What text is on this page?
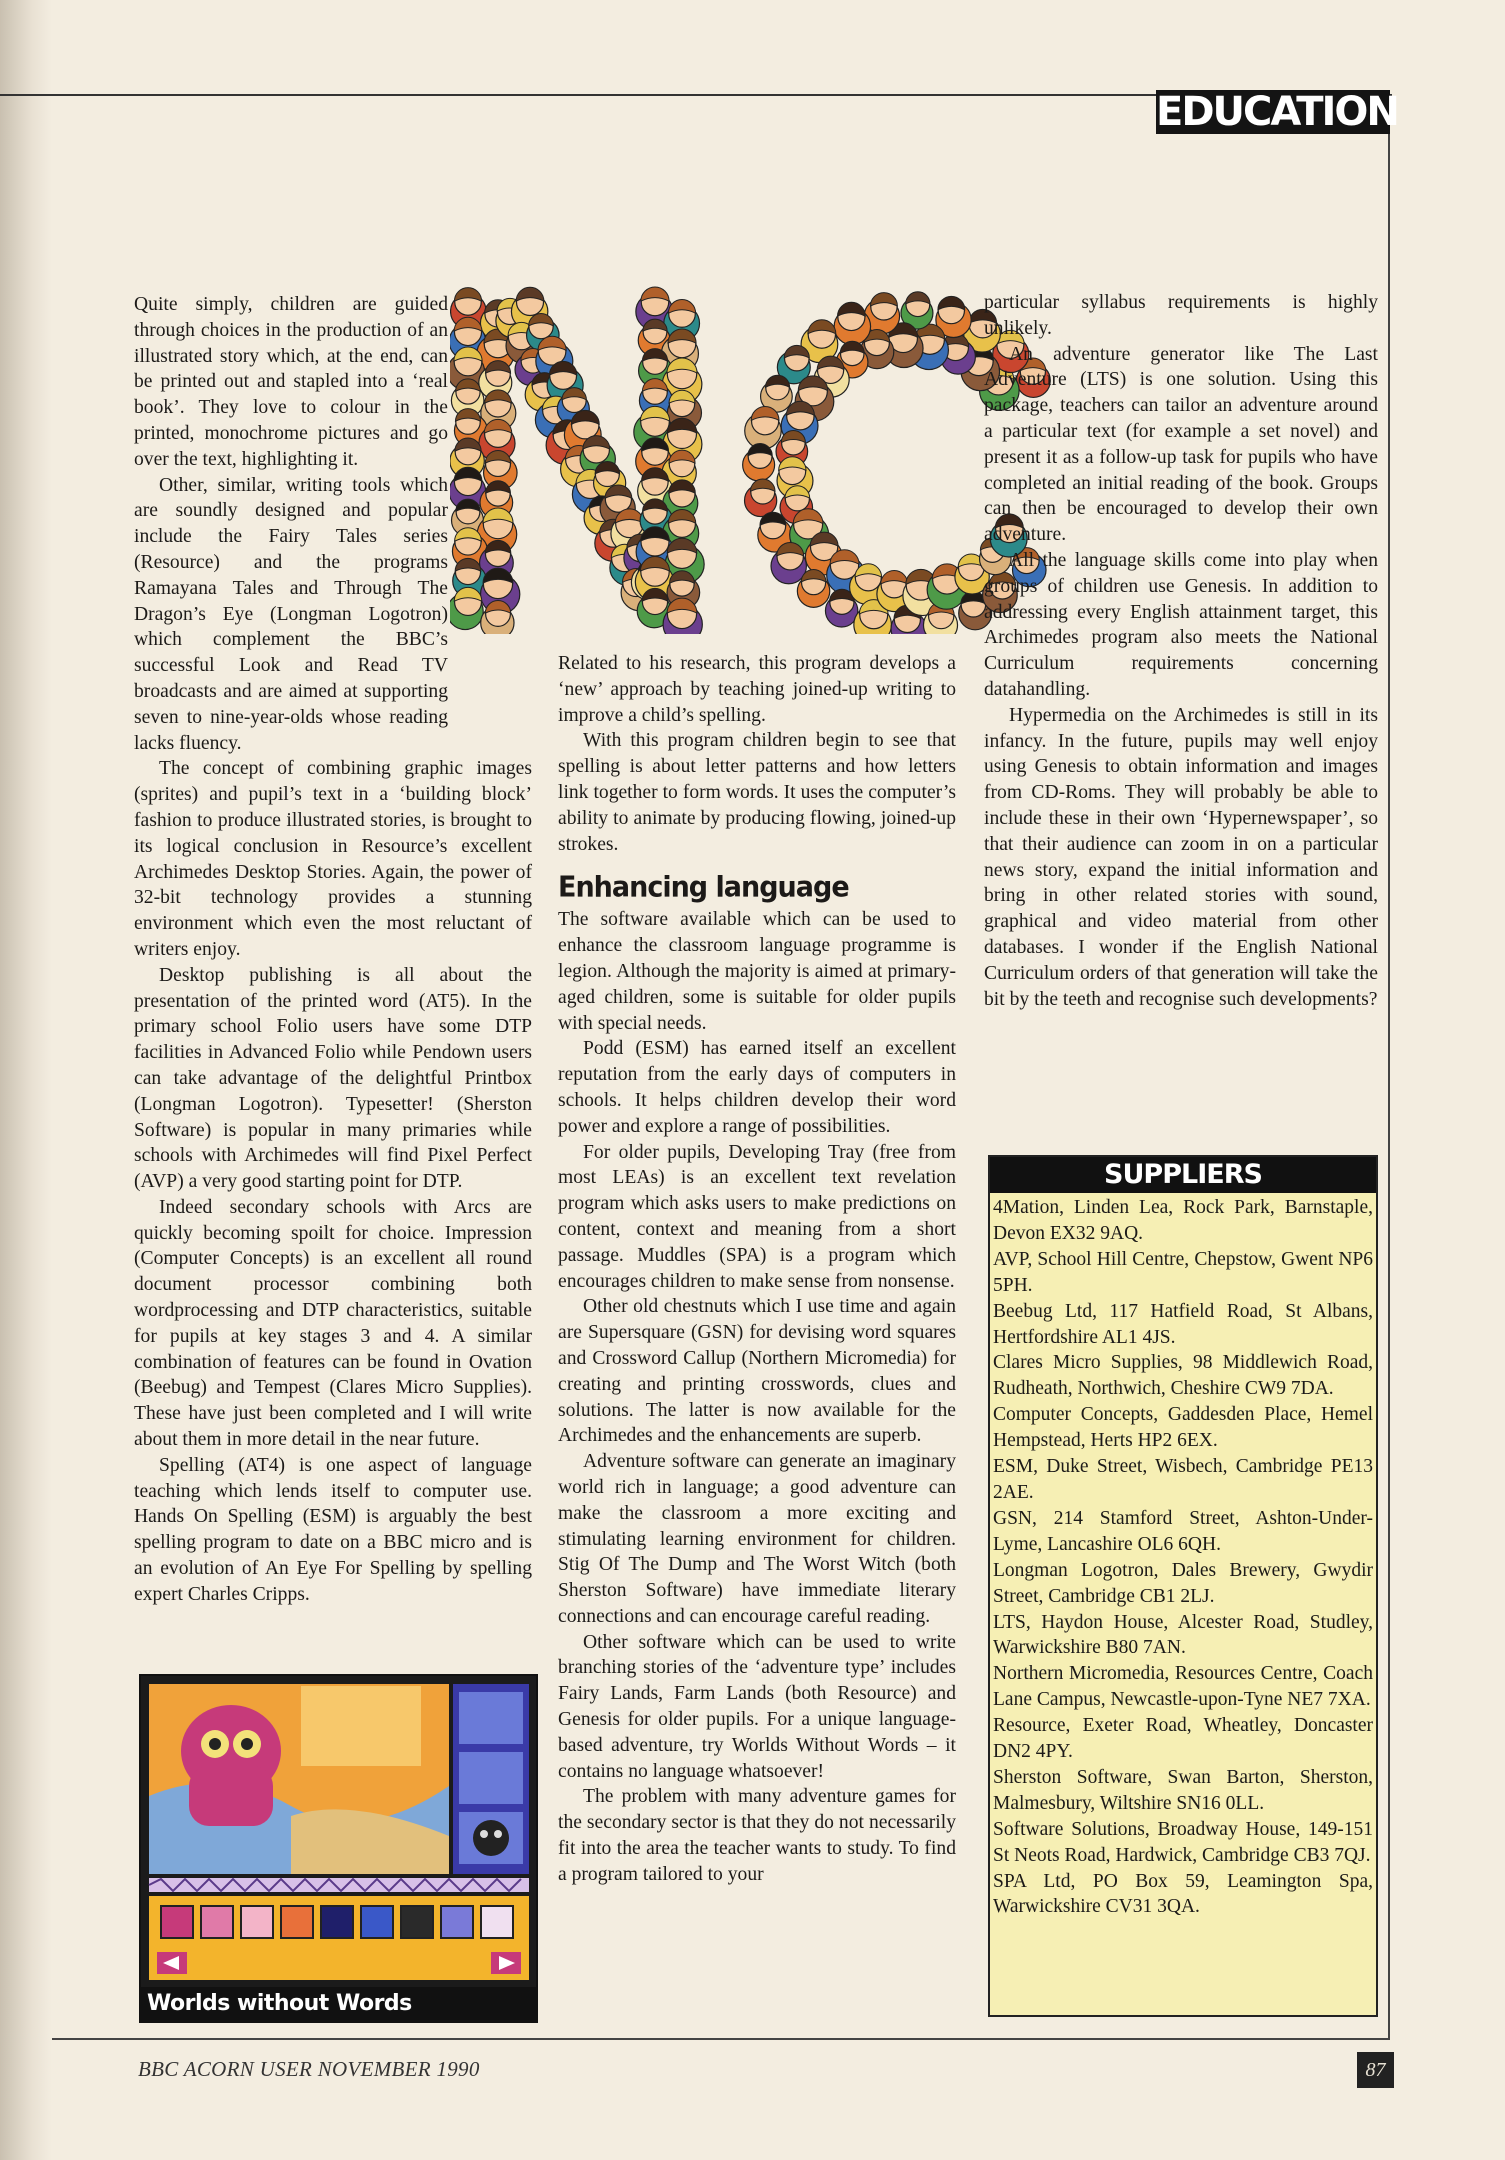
EDUCATION

Quite simply, children are guided through choices in the production of an illustrated story which, at the end, can be printed out and stapled into a ‘real book’. They love to colour in the printed, monochrome pictures and go over the text, highlighting it.

Other, similar, writing tools which are soundly designed and popular include the Fairy Tales series (Resource) and the programs Ramayana Tales and Through The Dragon’s Eye (Longman Logotron) which complement the BBC’s successful Look and Read TV broadcasts and are aimed at supporting seven to nine-year-olds whose reading lacks fluency.

The concept of combining graphic images (sprites) and pupil’s text in a ‘building block’ fashion to produce illustrated stories, is brought to its logical conclusion in Resource’s excellent Archimedes Desktop Stories. Again, the power of 32-bit technology provides a stunning environment which even the most reluctant of writers enjoy.

Desktop publishing is all about the presentation of the printed word (AT5). In the primary school Folio users have some DTP facilities in Advanced Folio while Pendown users can take advantage of the delightful Printbox (Longman Logotron). Typesetter! (Sherston Software) is popular in many primaries while schools with Archimedes will find Pixel Perfect (AVP) a very good starting point for DTP.

Indeed secondary schools with Arcs are quickly becoming spoilt for choice. Impression (Computer Concepts) is an excellent all round document processor combining both wordprocessing and DTP characteristics, suitable for pupils at key stages 3 and 4. A similar combination of features can be found in Ovation (Beebug) and Tempest (Clares Micro Supplies). These have just been completed and I will write about them in more detail in the near future.

Spelling (AT4) is one aspect of language teaching which lends itself to computer use. Hands On Spelling (ESM) is arguably the best spelling program to date on a BBC micro and is an evolution of An Eye For Spelling by spelling expert Charles Cripps.

Related to his research, this program develops a ‘new’ approach by teaching joined-up writing to improve a child’s spelling.

With this program children begin to see that spelling is about letter patterns and how letters link together to form words. It uses the computer’s ability to animate by producing flowing, joined-up strokes.

Enhancing language

The software available which can be used to enhance the classroom language programme is legion. Although the majority is aimed at primary-aged children, some is suitable for older pupils with special needs.

Podd (ESM) has earned itself an excellent reputation from the early days of computers in schools. It helps children develop their word power and explore a range of possibilities.

For older pupils, Developing Tray (free from most LEAs) is an excellent text revelation program which asks users to make predictions on content, context and meaning from a short passage. Muddles (SPA) is a program which encourages children to make sense from nonsense.

Other old chestnuts which I use time and again are Supersquare (GSN) for devising word squares and Crossword Callup (Northern Micromedia) for creating and printing crosswords, clues and solutions. The latter is now available for the Archimedes and the enhancements are superb.

Adventure software can generate an imaginary world rich in language; a good adventure can make the classroom a more exciting and stimulating learning environment for children. Stig Of The Dump and The Worst Witch (both Sherston Software) have immediate literary connections and can encourage careful reading.

Other software which can be used to write branching stories of the ‘adventure type’ includes Fairy Lands, Farm Lands (both Resource) and Genesis for older pupils. For a unique language-based adventure, try Worlds Without Words – it contains no language whatsoever!

The problem with many adventure games for the secondary sector is that they do not necessarily fit into the area the teacher wants to study. To find a program tailored to your

particular syllabus requirements is highly unlikely.

An adventure generator like The Last Adventure (LTS) is one solution. Using this package, teachers can tailor an adventure around a particular text (for example a set novel) and present it as a follow-up task for pupils who have completed an initial reading of the book. Groups can then be encouraged to develop their own adventure.

All the language skills come into play when groups of children use Genesis. In addition to addressing every English attainment target, this Archimedes program also meets the National Curriculum requirements concerning datahandling.

Hypermedia on the Archimedes is still in its infancy. In the future, pupils may well enjoy using Genesis to obtain information and images from CD-Roms. They will probably be able to include these in their own ‘Hypernewspaper’, so that their audience can zoom in on a particular news story, expand the initial information and bring in other related stories with sound, graphical and video material from other databases. I wonder if the English National Curriculum orders of that generation will take the bit by the teeth and recognise such developments?

Worlds without Words
SUPPLIERS

4Mation, Linden Lea, Rock Park, Barnstaple, Devon EX32 9AQ.

AVP, School Hill Centre, Chepstow, Gwent NP6 5PH.

Beebug Ltd, 117 Hatfield Road, St Albans, Hertfordshire AL1 4JS.

Clares Micro Supplies, 98 Middlewich Road, Rudheath, Northwich, Cheshire CW9 7DA.

Computer Concepts, Gaddesden Place, Hemel Hempstead, Herts HP2 6EX.

ESM, Duke Street, Wisbech, Cambridge PE13 2AE.

GSN, 214 Stamford Street, Ashton-Under-Lyme, Lancashire OL6 6QH.

Longman Logotron, Dales Brewery, Gwydir Street, Cambridge CB1 2LJ.

LTS, Haydon House, Alcester Road, Studley, Warwickshire B80 7AN.

Northern Micromedia, Resources Centre, Coach Lane Campus, Newcastle-upon-Tyne NE7 7XA.

Resource, Exeter Road, Wheatley, Doncaster DN2 4PY.

Sherston Software, Swan Barton, Sherston, Malmesbury, Wiltshire SN16 0LL.

Software Solutions, Broadway House, 149-151 St Neots Road, Hardwick, Cambridge CB3 7QJ.

SPA Ltd, PO Box 59, Leamington Spa, Warwickshire CV31 3QA.

BBC ACORN USER NOVEMBER 1990	87
